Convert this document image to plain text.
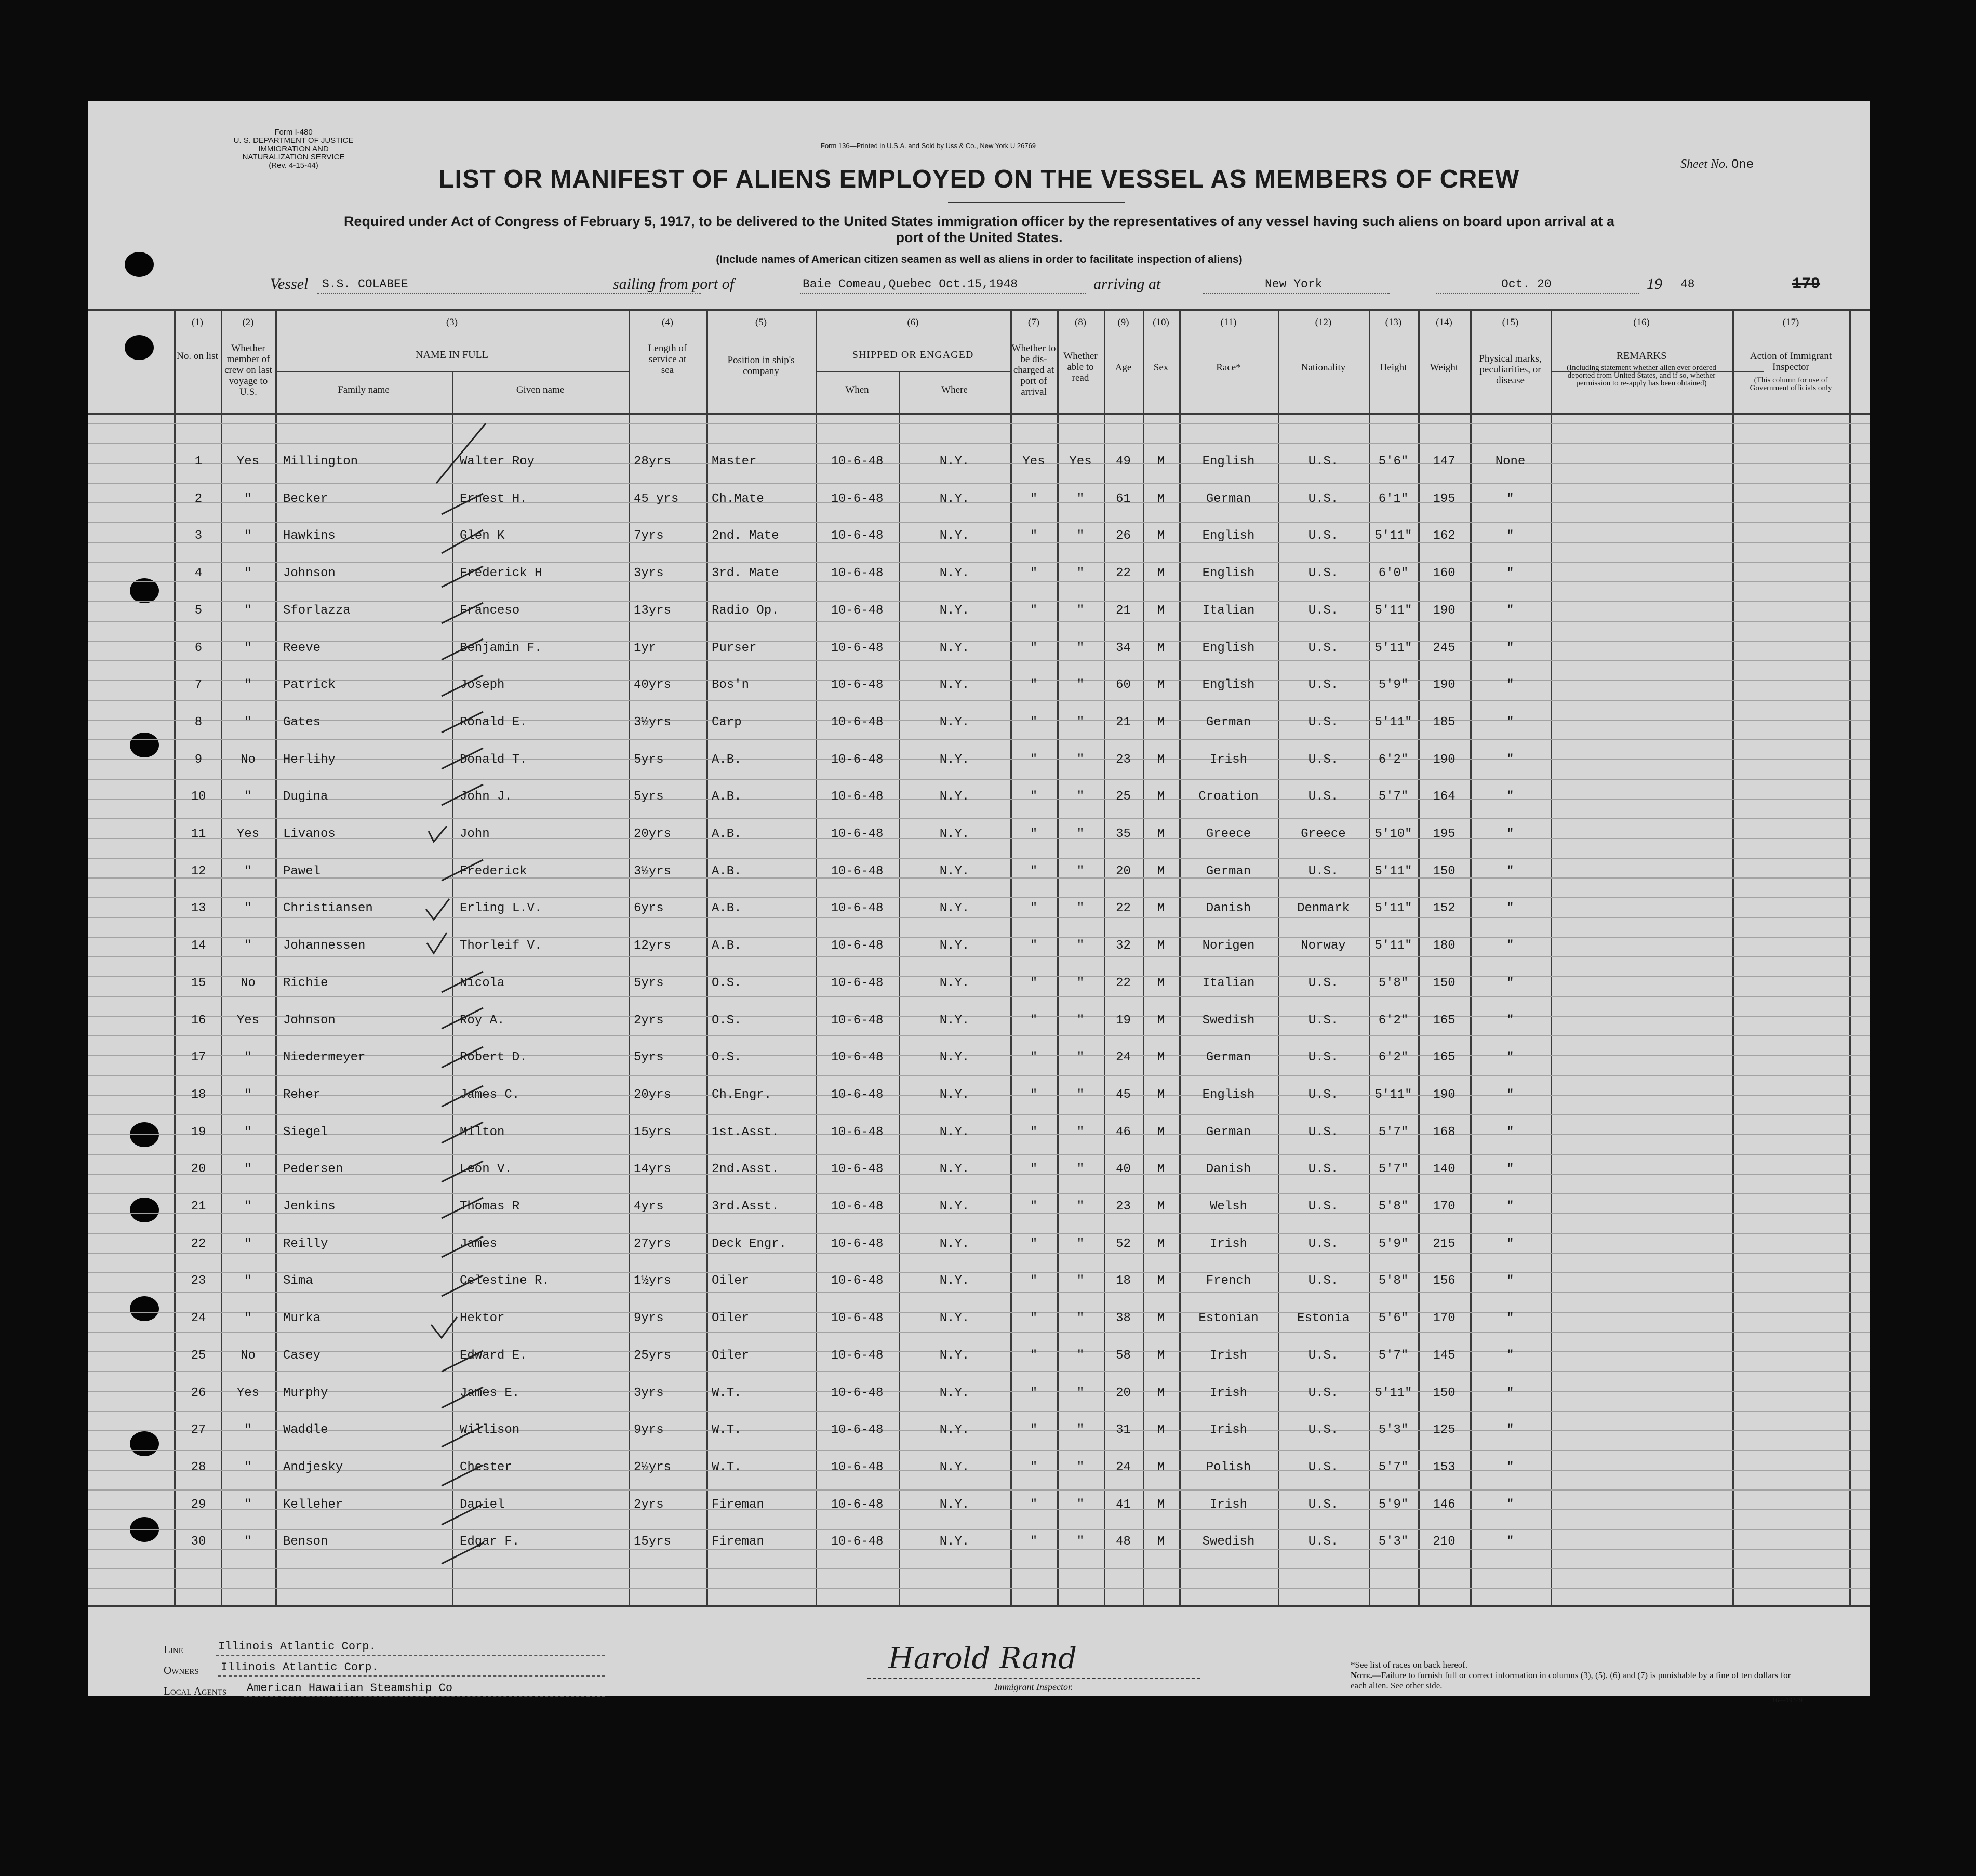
Form I-480
U. S. DEPARTMENT OF JUSTICE
IMMIGRATION AND NATURALIZATION SERVICE
(Rev. 4-15-44)
Form 136—Printed in U.S.A. and Sold by Uss & Co., New York U 26769
Sheet No. One
LIST OR MANIFEST OF ALIENS EMPLOYED ON THE VESSEL AS MEMBERS OF CREW
Required under Act of Congress of February 5, 1917, to be delivered to the United States immigration officer by the representatives of any vessel having such aliens on board upon arrival at a
port of the United States.
(Include names of American citizen seamen as well as aliens in order to facilitate inspection of aliens)
Vessel S.S. COLABEE	sailing from port of	Baie Comeau,Quebec Oct.15,1948	arriving at	New York	Oct. 20	19 48	179
(1)
No. on list
(2)
Whether member of crew on last voyage to U.S.
(3)
NAME IN FULL
Family name	Given name
(4)
Length of service at sea
(5)
Position in ship's company
(6)
SHIPPED OR ENGAGED
When	Where
(7)
Whether to be dis-charged at port of arrival
(8)
Whether able to read
(9)
Age
(10)
Sex
(11)
Race*
(12)
Nationality
(13)
Height
(14)
Weight
(15)
Physical marks, peculiarities, or disease
(16)
REMARKS
(Including statement whether alien ever ordered deported from United States, and if so, whether permission to re-apply has been obtained)
(17)
Action of Immigrant Inspector
(This column for use of Government officials only
1	Yes	Millington	Walter Roy	28yrs	Master	10-6-48	N.Y.	Yes	Yes	49	M	English	U.S.	5'6"	147	None
2	"	Becker	Ernest H.	45 yrs	Ch.Mate	10-6-48	N.Y.	"	"	61	M	German	U.S.	6'1"	195	"
3	"	Hawkins	Glen K	7yrs	2nd. Mate	10-6-48	N.Y.	"	"	26	M	English	U.S.	5'11"	162	"
4	"	Johnson	Frederick H	3yrs	3rd. Mate	10-6-48	N.Y.	"	"	22	M	English	U.S.	6'0"	160	"
5	"	Sforlazza	Franceso	13yrs	Radio Op.	10-6-48	N.Y.	"	"	21	M	Italian	U.S.	5'11"	190	"
6	"	Reeve	Benjamin F.	1yr	Purser	10-6-48	N.Y.	"	"	34	M	English	U.S.	5'11"	245	"
7	"	Patrick	Joseph	40yrs	Bos'n	10-6-48	N.Y.	"	"	60	M	English	U.S.	5'9"	190	"
8	"	Gates	Ronald E.	3½yrs	Carp	10-6-48	N.Y.	"	"	21	M	German	U.S.	5'11"	185	"
9	No	Herlihy	Donald T.	5yrs	A.B.	10-6-48	N.Y.	"	"	23	M	Irish	U.S.	6'2"	190	"
10	"	Dugina	John J.	5yrs	A.B.	10-6-48	N.Y.	"	"	25	M	Croation	U.S.	5'7"	164	"
11	Yes	Livanos	John	20yrs	A.B.	10-6-48	N.Y.	"	"	35	M	Greece	Greece	5'10"	195	"
12	"	Pawel	Frederick	3½yrs	A.B.	10-6-48	N.Y.	"	"	20	M	German	U.S.	5'11"	150	"
13	"	Christiansen	Erling L.V.	6yrs	A.B.	10-6-48	N.Y.	"	"	22	M	Danish	Denmark	5'11"	152	"
14	"	Johannessen	Thorleif V.	12yrs	A.B.	10-6-48	N.Y.	"	"	32	M	Norigen	Norway	5'11"	180	"
15	No	Richie	Nicola	5yrs	O.S.	10-6-48	N.Y.	"	"	22	M	Italian	U.S.	5'8"	150	"
16	Yes	Johnson	Roy A.	2yrs	O.S.	10-6-48	N.Y.	"	"	19	M	Swedish	U.S.	6'2"	165	"
17	"	Niedermeyer	Robert D.	5yrs	O.S.	10-6-48	N.Y.	"	"	24	M	German	U.S.	6'2"	165	"
18	"	Reher	James C.	20yrs	Ch.Engr.	10-6-48	N.Y.	"	"	45	M	English	U.S.	5'11"	190	"
19	"	Siegel	Milton	15yrs	1st.Asst.	10-6-48	N.Y.	"	"	46	M	German	U.S.	5'7"	168	"
20	"	Pedersen	Leon V.	14yrs	2nd.Asst.	10-6-48	N.Y.	"	"	40	M	Danish	U.S.	5'7"	140	"
21	"	Jenkins	Thomas R	4yrs	3rd.Asst.	10-6-48	N.Y.	"	"	23	M	Welsh	U.S.	5'8"	170	"
22	"	Reilly	James	27yrs	Deck Engr.	10-6-48	N.Y.	"	"	52	M	Irish	U.S.	5'9"	215	"
23	"	Sima	Celestine R.	1½yrs	Oiler	10-6-48	N.Y.	"	"	18	M	French	U.S.	5'8"	156	"
24	"	Murka	Hektor	9yrs	Oiler	10-6-48	N.Y.	"	"	38	M	Estonian	Estonia	5'6"	170	"
25	No	Casey	Edward E.	25yrs	Oiler	10-6-48	N.Y.	"	"	58	M	Irish	U.S.	5'7"	145	"
26	Yes	Murphy	James E.	3yrs	W.T.	10-6-48	N.Y.	"	"	20	M	Irish	U.S.	5'11"	150	"
27	"	Waddle	Willison	9yrs	W.T.	10-6-48	N.Y.	"	"	31	M	Irish	U.S.	5'3"	125	"
28	"	Andjesky	Chester	2½yrs	W.T.	10-6-48	N.Y.	"	"	24	M	Polish	U.S.	5'7"	153	"
29	"	Kelleher	Daniel	2yrs	Fireman	10-6-48	N.Y.	"	"	41	M	Irish	U.S.	5'9"	146	"
30	"	Benson	Edgar F.	15yrs	Fireman	10-6-48	N.Y.	"	"	48	M	Swedish	U.S.	5'3"	210	"
Line	Illinois Atlantic Corp.
Owners Illinois Atlantic Corp.
Local Agents American Hawaiian Steamship Co
Harold Rand
Immigrant Inspector.
*See list of races on back hereof.
Note.—Failure to furnish full or correct information in columns (3), (5), (6) and (7) is punishable by a fine of ten dollars for each alien. See other side.
16—19349
